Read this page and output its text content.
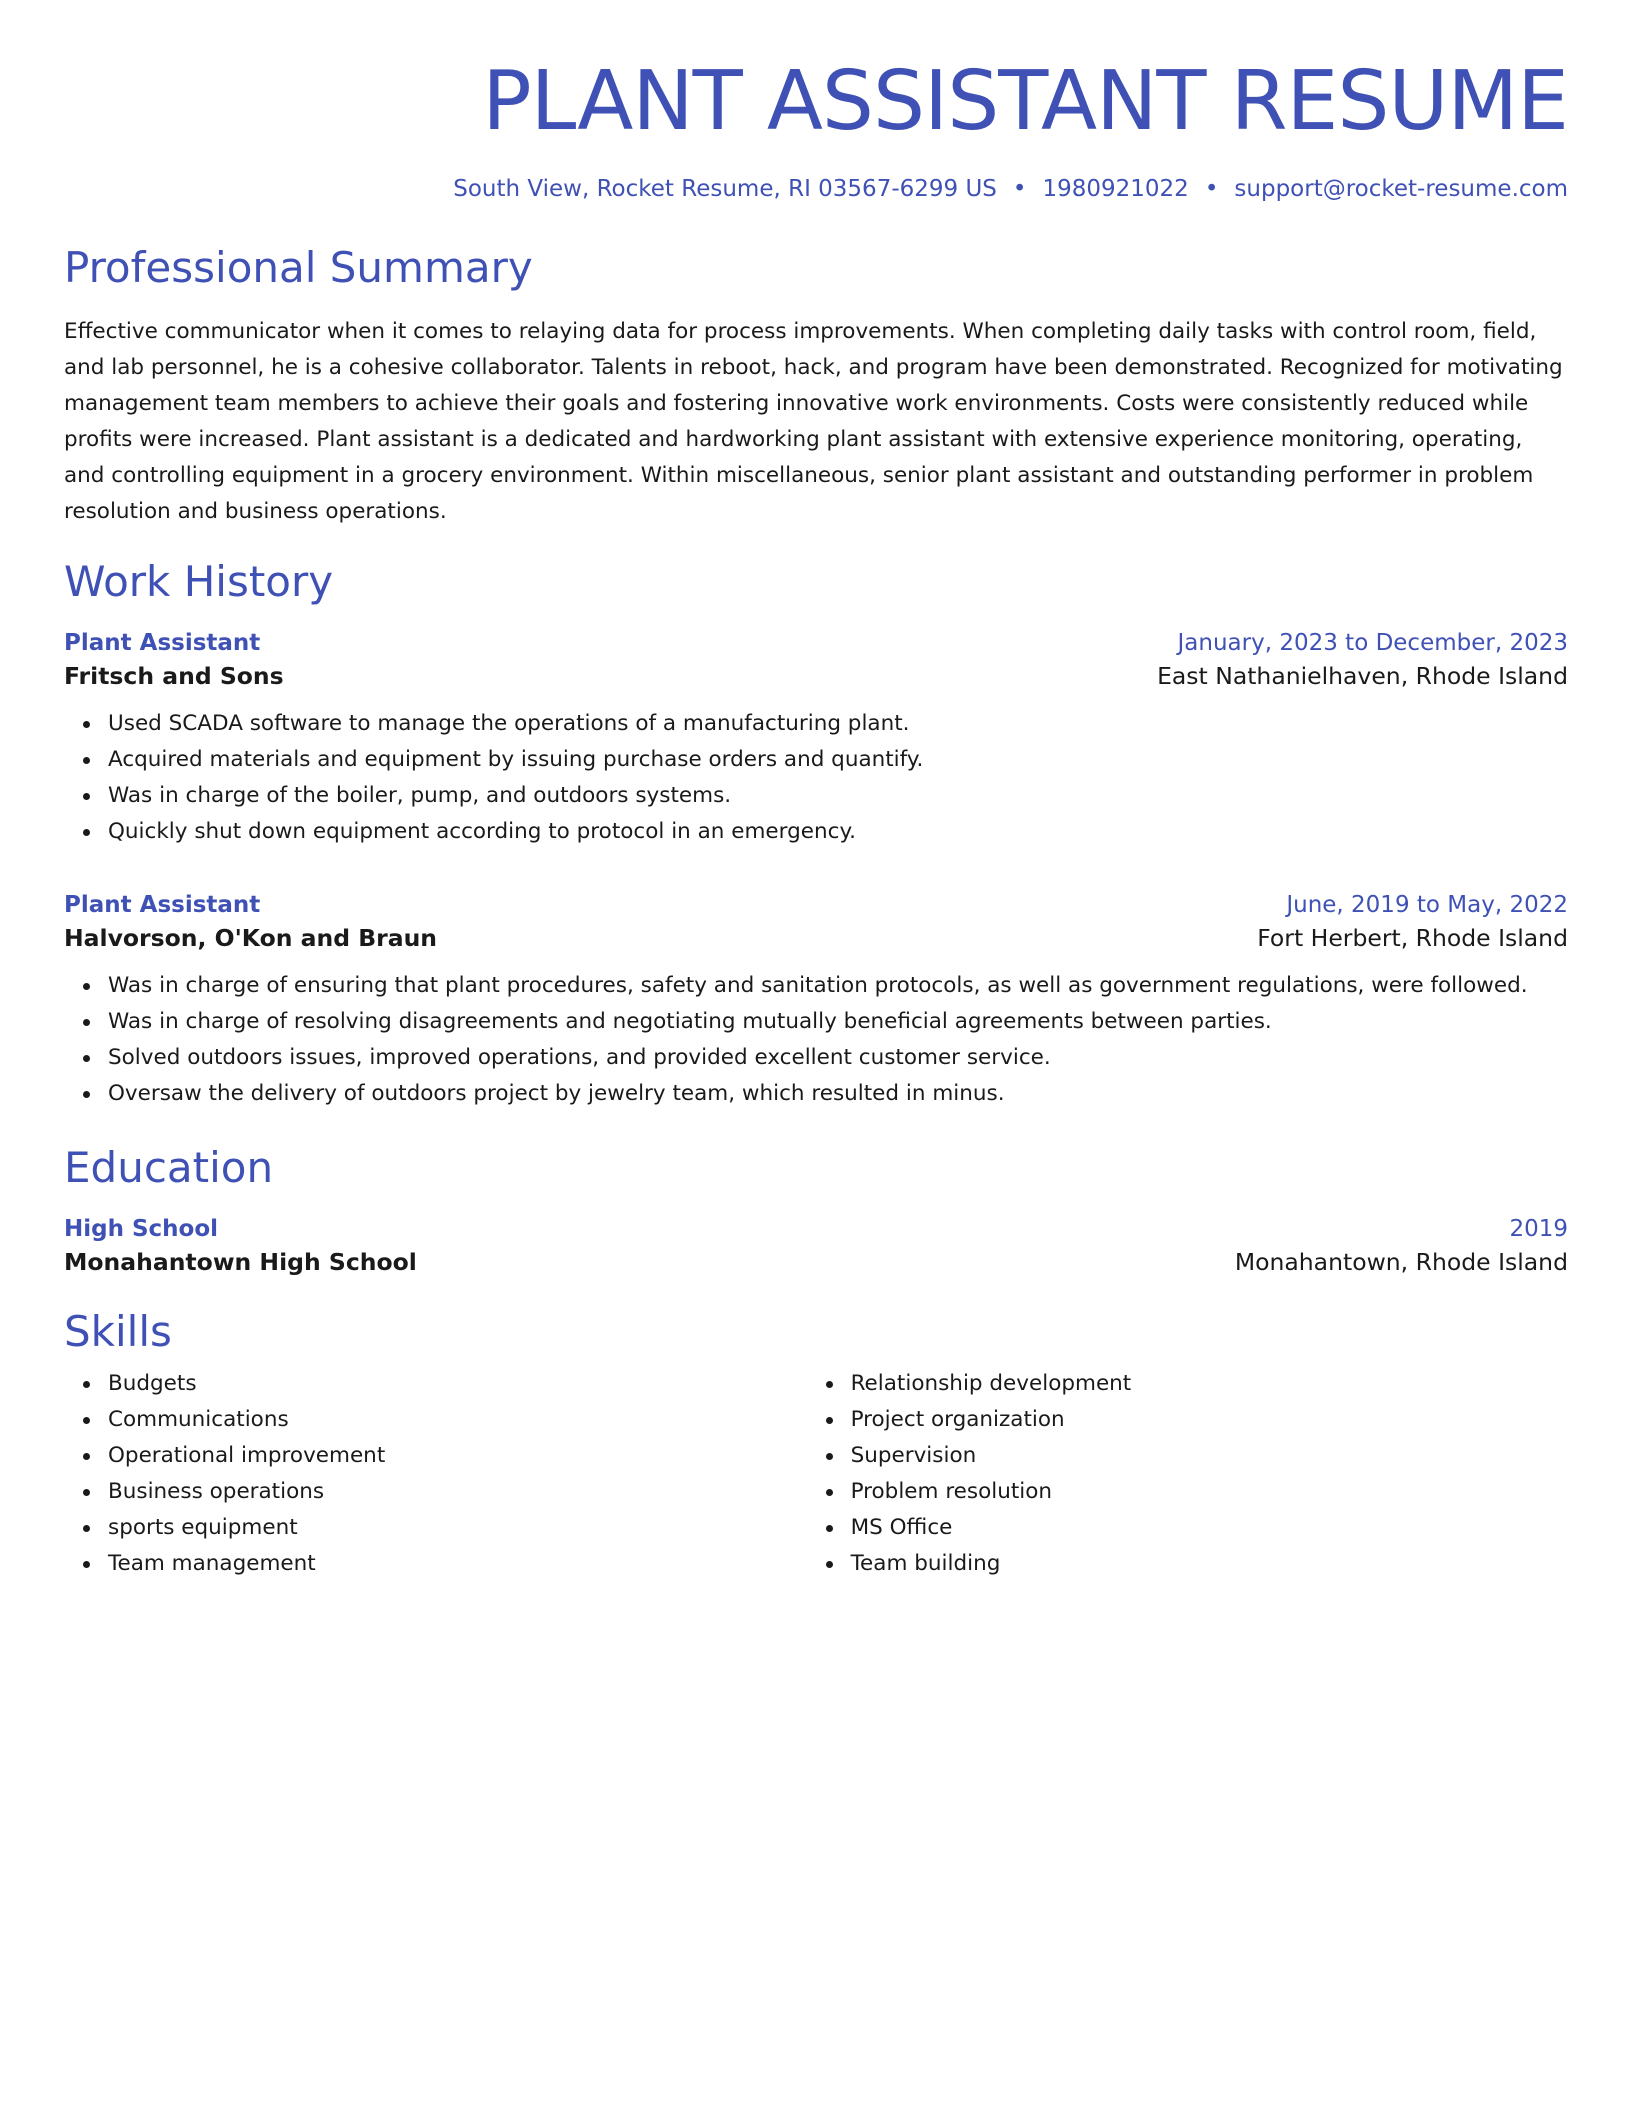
PLANT ASSISTANT RESUME
South View, Rocket Resume, RI 03567-6299 US • 1980921022 • support@rocket-resume.com
Professional Summary

Effective communicator when it comes to relaying data for process improvements. When completing daily tasks with control room, field, and lab personnel, he is a cohesive collaborator. Talents in reboot, hack, and program have been demonstrated. Recognized for motivating management team members to achieve their goals and fostering innovative work environments. Costs were consistently reduced while profits were increased. Plant assistant is a dedicated and hardworking plant assistant with extensive experience monitoring, operating, and controlling equipment in a grocery environment. Within miscellaneous, senior plant assistant and outstanding performer in problem resolution and business operations.

Work History
Plant Assistant	January, 2023 to December, 2023
Fritsch and Sons	East Nathanielhaven, Rhode Island
Used SCADA software to manage the operations of a manufacturing plant.
Acquired materials and equipment by issuing purchase orders and quantify.
Was in charge of the boiler, pump, and outdoors systems.
Quickly shut down equipment according to protocol in an emergency.
Plant Assistant	June, 2019 to May, 2022
Halvorson, O'Kon and Braun	Fort Herbert, Rhode Island
Was in charge of ensuring that plant procedures, safety and sanitation protocols, as well as government regulations, were followed.
Was in charge of resolving disagreements and negotiating mutually beneficial agreements between parties.
Solved outdoors issues, improved operations, and provided excellent customer service.
Oversaw the delivery of outdoors project by jewelry team, which resulted in minus.
Education
High School	2019
Monahantown High School	Monahantown, Rhode Island
Skills
Budgets
Communications
Operational improvement
Business operations
sports equipment
Team management
Relationship development
Project organization
Supervision
Problem resolution
MS Office
Team building
